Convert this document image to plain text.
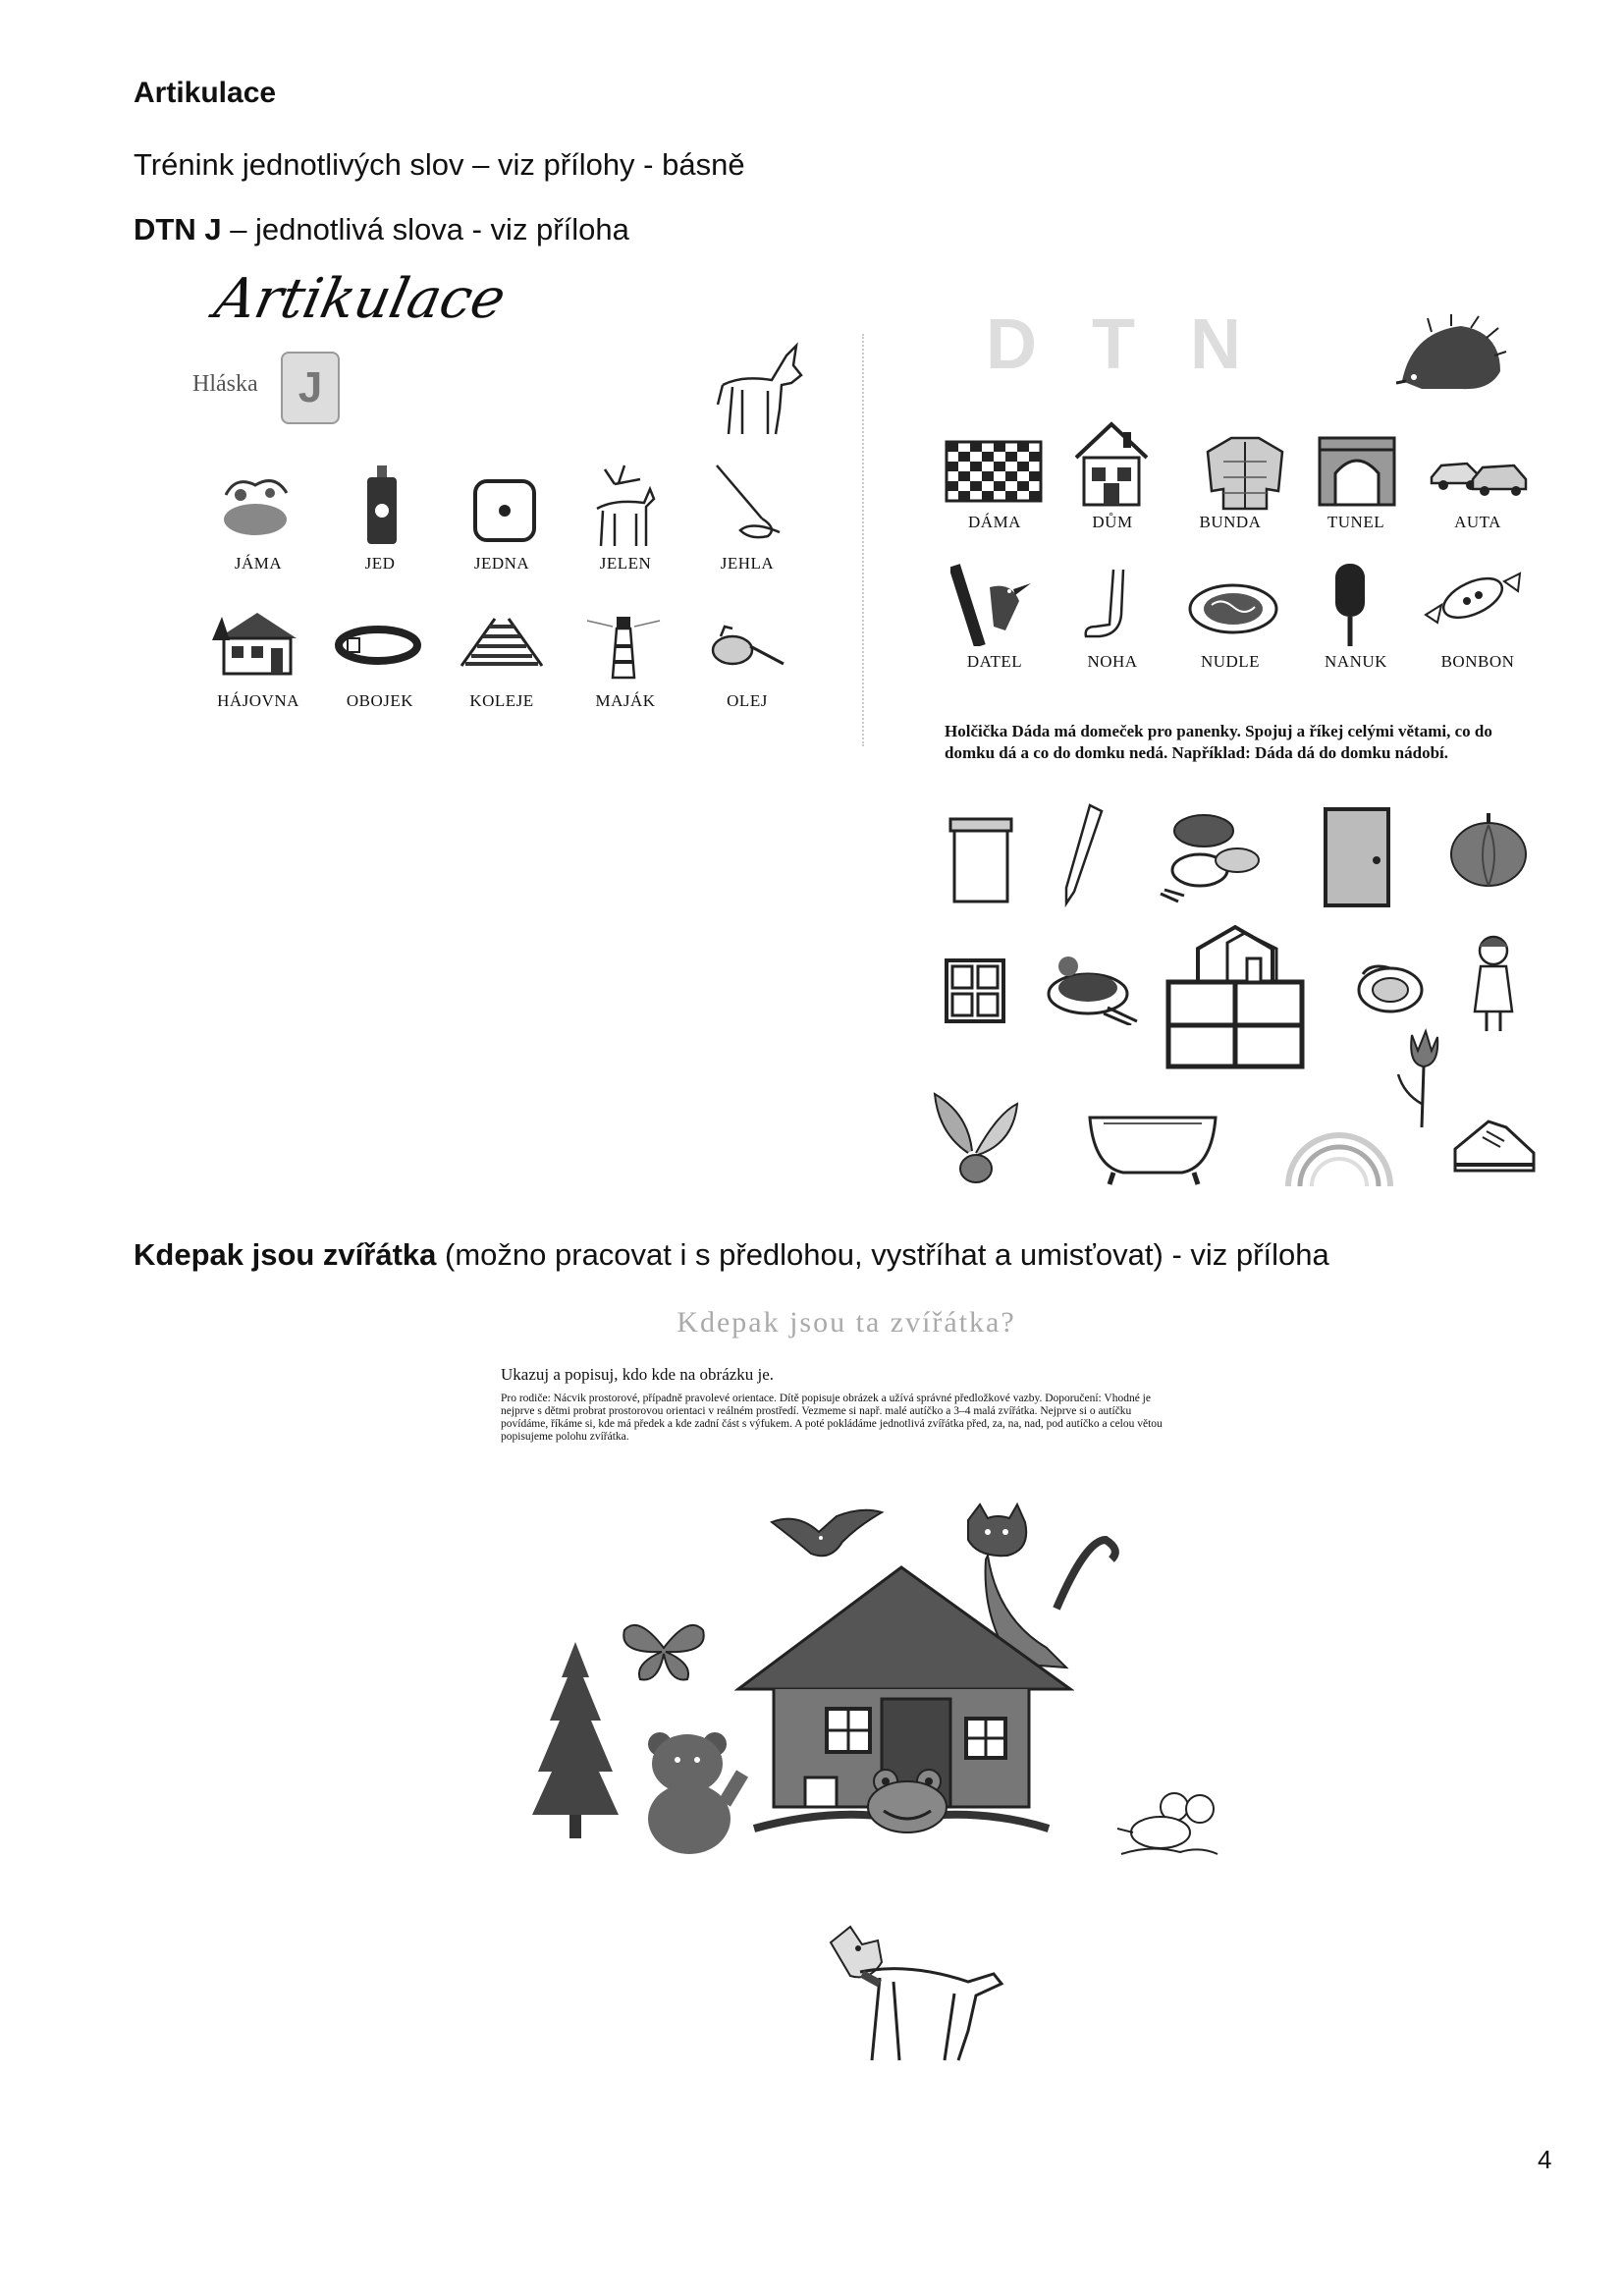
Artikulace
Trénink jednotlivých slov – viz přílohy - básně
DTN J – jednotlivá slova - viz příloha
Artikulace
Hláska J
JÁMA	JED	JEDNA	JELEN	JEHLA
HÁJOVNA	OBOJEK	KOLEJE	MAJÁK	OLEJ
D T N
DÁMA	DŮM	BUNDA	TUNEL	AUTA
DATEL	NOHA	NUDLE	NANUK	BONBON
Holčička Dáda má domeček pro panenky. Spojuj a říkej celými větami, co do domku dá a co do domku nedá. Například: Dáda dá do domku nádobí.
Kdepak jsou zvířátka (možno pracovat i s předlohou, vystříhat a umisťovat) - viz příloha
Kdepak jsou ta zvířátka?
Ukazuj a popisuj, kdo kde na obrázku je.
Pro rodiče: Nácvik prostorové, případně pravolevé orientace. Dítě popisuje obrázek a užívá správné předložkové vazby. Doporučení: Vhodné je nejprve s dětmi probrat prostorovou orientaci v reálném prostředí. Vezmeme si např. malé autíčko a 3–4 malá zvířátka. Nejprve si o autíčku povídáme, říkáme si, kde má předek a kde zadní část s výfukem. A poté pokládáme jednotlivá zvířátka před, za, na, nad, pod autíčko a celou větou popisujeme polohu zvířátka.
4
